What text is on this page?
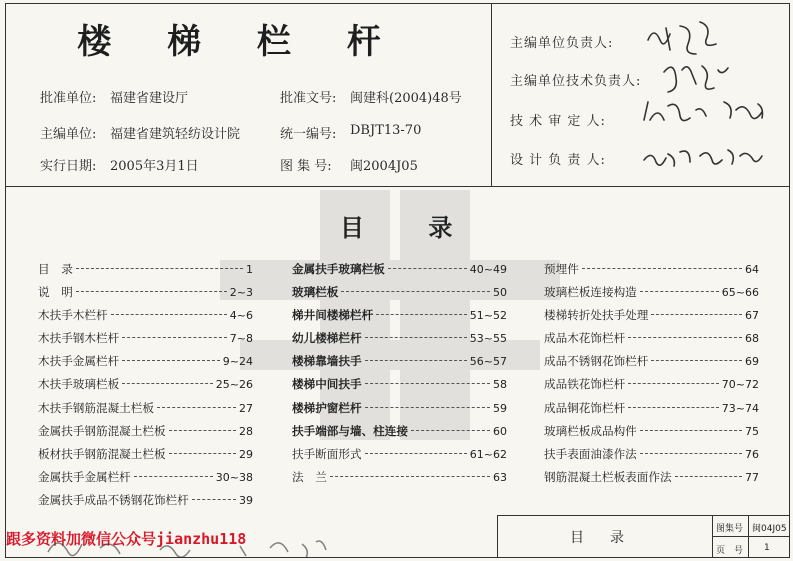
楼 梯 栏 杆
批准单位: 福建省建设厅	批准文号: 闽建科(2004)48号
主编单位: 福建省建筑轻纺设计院	统一编号: DBJT13-70
实行日期: 2005年3月1日	图 集 号: 闽2004J05
主编单位负责人:
主编单位技术负责人:
技 术 审 定 人:
设 计 负 责 人:
目 录
目　录	1
说　明	2~3
木扶手木栏杆	4~6
木扶手钢木栏杆	7~8
木扶手金属栏杆	9~24
木扶手玻璃栏板	25~26
木扶手钢筋混凝土栏板	27
金属扶手钢筋混凝土栏板	28
板材扶手钢筋混凝土栏板	29
金属扶手金属栏杆	30~38
金属扶手成品不锈钢花饰栏杆	39
金属扶手玻璃栏板	40~49
玻璃栏板	50
梯井间楼梯栏杆	51~52
幼儿楼梯栏杆	53~55
楼梯靠墙扶手	56~57
楼梯中间扶手	58
楼梯护窗栏杆	59
扶手端部与墙、柱连接	60
扶手断面形式	61~62
法　兰	63
预埋件	64
玻璃栏板连接构造	65~66
楼梯转折处扶手处理	67
成品木花饰栏杆	68
成品不锈钢花饰栏杆	69
成品铁花饰栏杆	70~72
成品铜花饰栏杆	73~74
玻璃栏板成品构件	75
扶手表面油漆作法	76
钢筋混凝土栏板表面作法	77
目　录
图集号 闽04J05
页　号 1
跟多资料加微信公众号jianzhu118
